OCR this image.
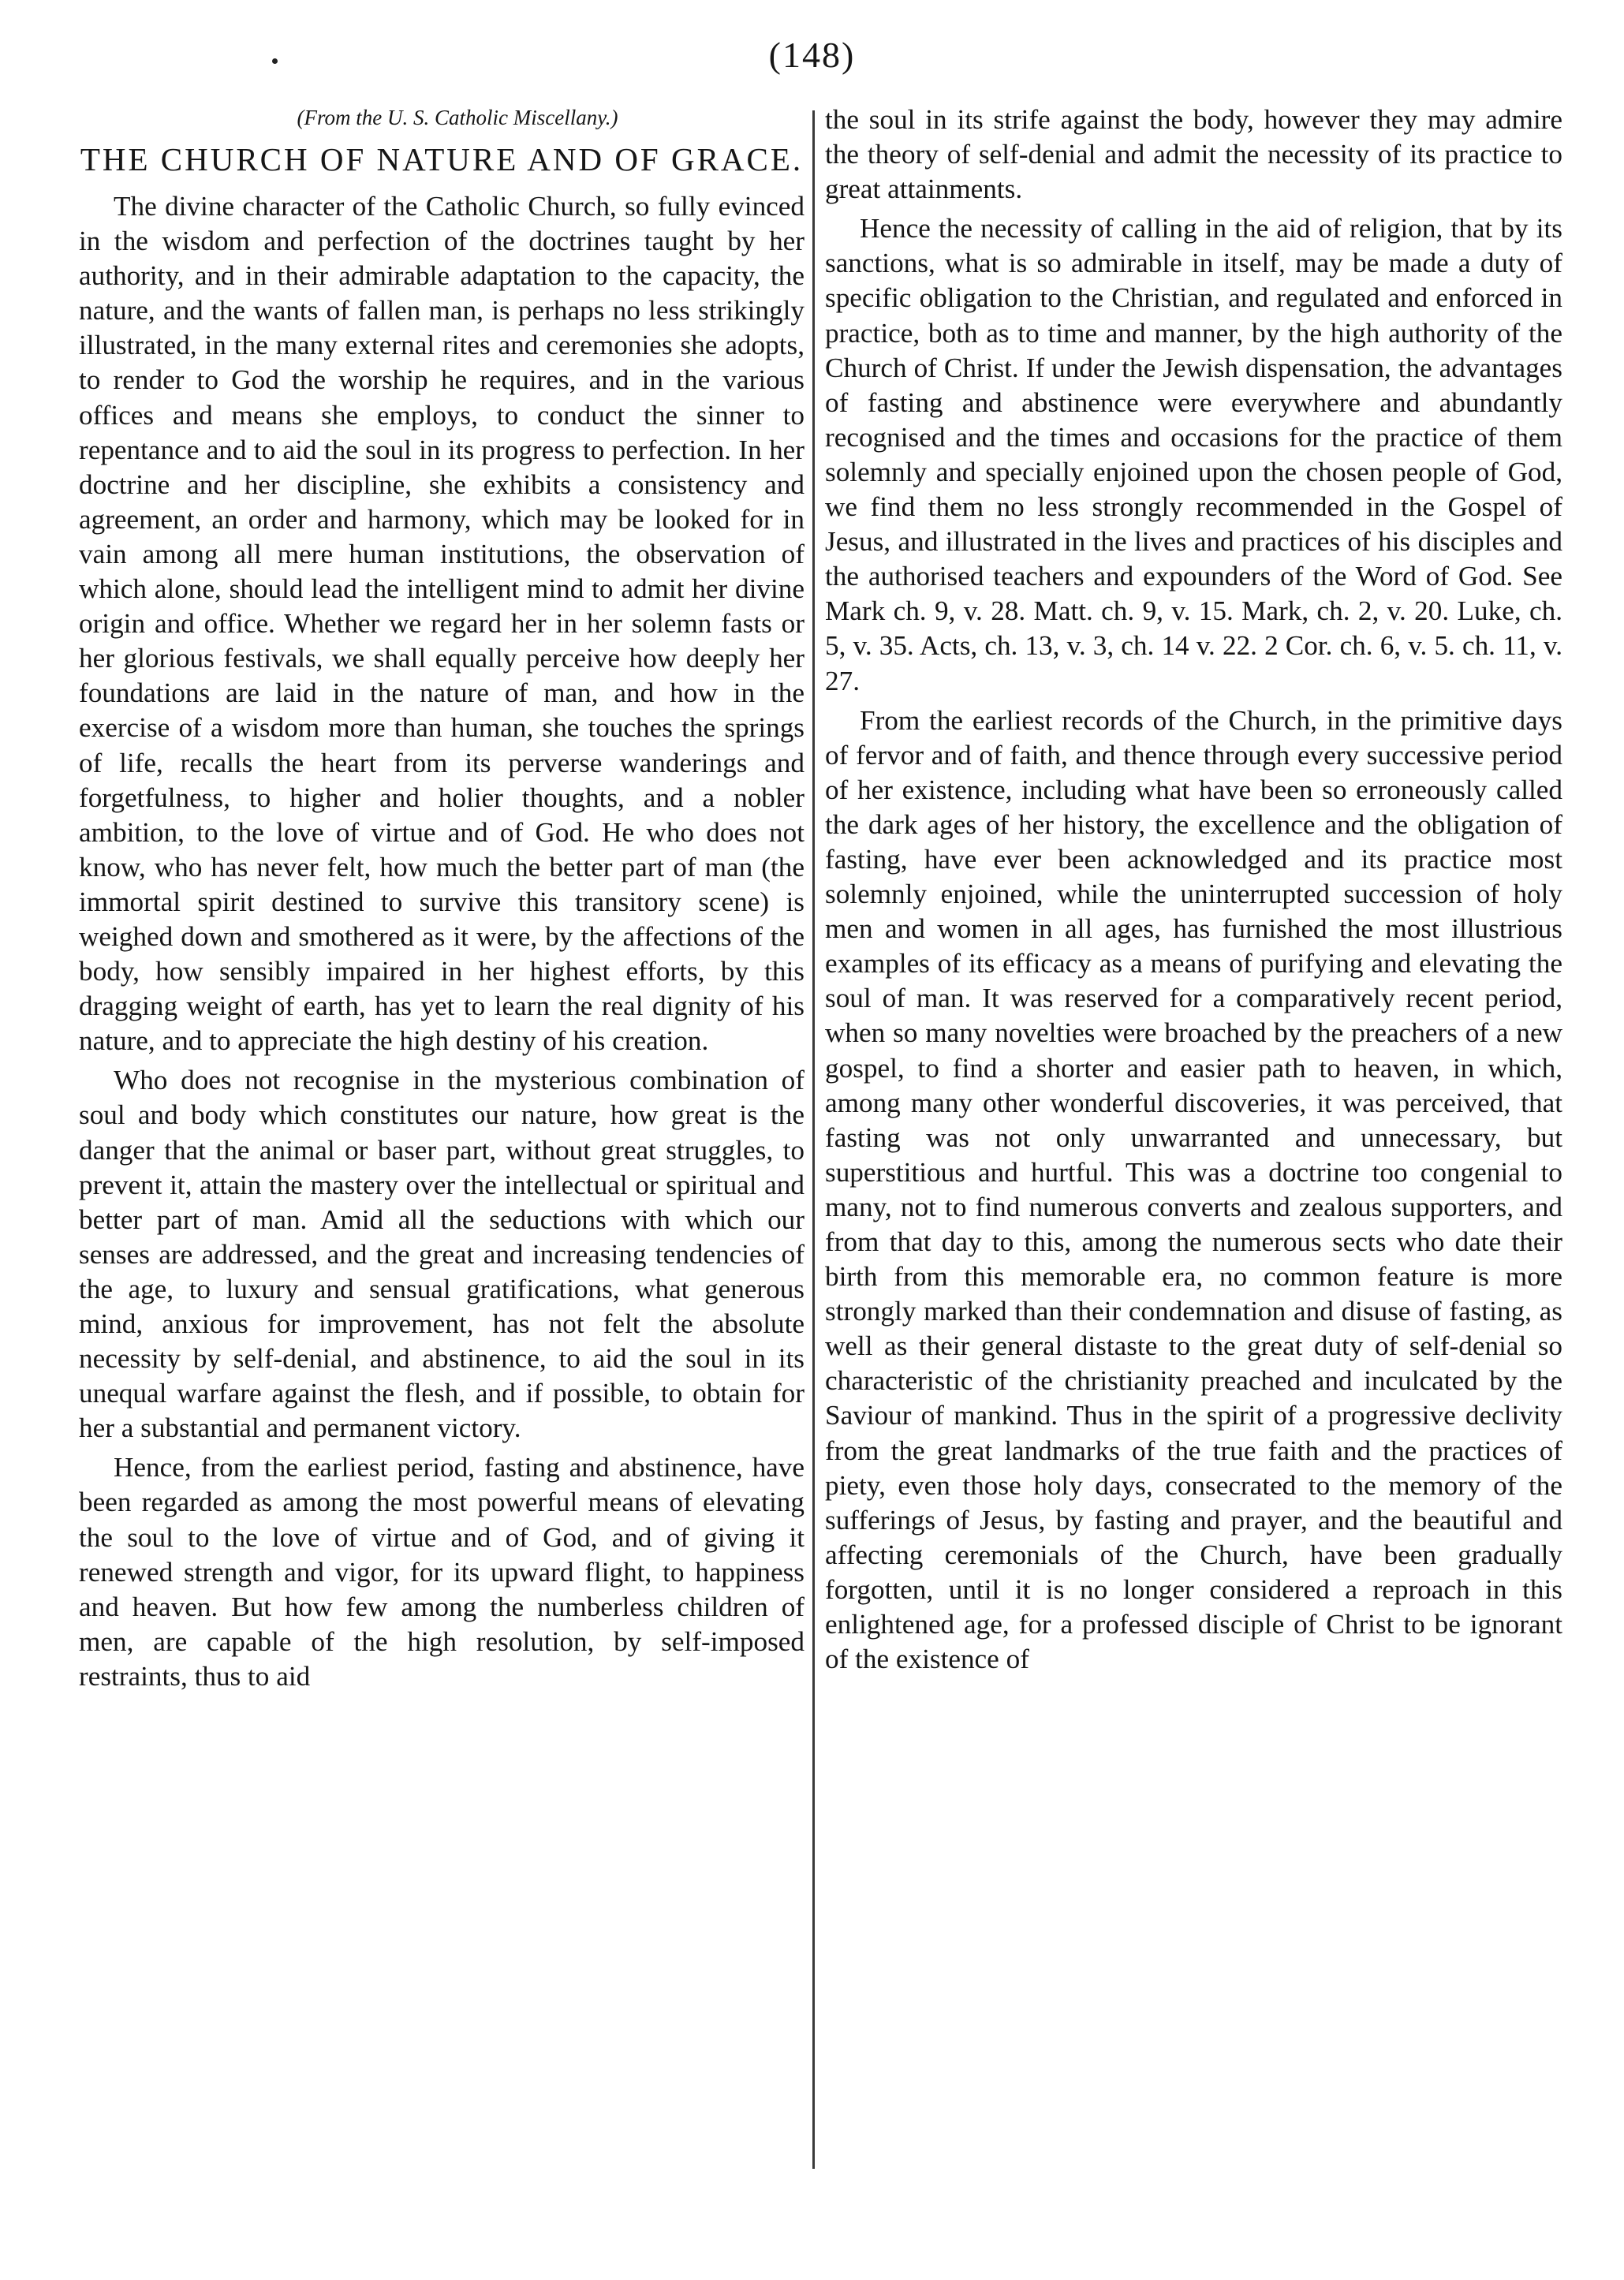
(148)

(From the U. S. Catholic Miscellany.)

THE CHURCH OF NATURE AND OF GRACE.

The divine character of the Catholic Church, so fully evinced in the wisdom and perfection of the doctrines taught by her authority, and in their admirable adaptation to the capacity, the nature, and the wants of fallen man, is perhaps no less strikingly illustrated, in the many external rites and ceremonies she adopts, to render to God the worship he requires, and in the various offices and means she employs, to conduct the sinner to repentance and to aid the soul in its progress to perfection. In her doctrine and her discipline, she exhibits a consistency and agreement, an order and harmony, which may be looked for in vain among all mere human institutions, the observation of which alone, should lead the intelligent mind to admit her divine origin and office. Whether we regard her in her solemn fasts or her glorious festivals, we shall equally perceive how deeply her foundations are laid in the nature of man, and how in the exercise of a wisdom more than human, she touches the springs of life, recalls the heart from its perverse wanderings and forgetfulness, to higher and holier thoughts, and a nobler ambition, to the love of virtue and of God. He who does not know, who has never felt, how much the better part of man (the immortal spirit destined to survive this transitory scene) is weighed down and smothered as it were, by the affections of the body, how sensibly impaired in her highest efforts, by this dragging weight of earth, has yet to learn the real dignity of his nature, and to appreciate the high destiny of his creation.

Who does not recognise in the mysterious combination of soul and body which constitutes our nature, how great is the danger that the animal or baser part, without great struggles, to prevent it, attain the mastery over the intellectual or spiritual and better part of man. Amid all the seductions with which our senses are addressed, and the great and increasing tendencies of the age, to luxury and sensual gratifications, what generous mind, anxious for improvement, has not felt the absolute necessity by self-denial, and abstinence, to aid the soul in its unequal warfare against the flesh, and if possible, to obtain for her a substantial and permanent victory.

Hence, from the earliest period, fasting and abstinence, have been regarded as among the most powerful means of elevating the soul to the love of virtue and of God, and of giving it renewed strength and vigor, for its upward flight, to happiness and heaven. But how few among the numberless children of men, are capable of the high resolution, by self-imposed restraints, thus to aid

the soul in its strife against the body, however they may admire the theory of self-denial and admit the necessity of its practice to great attainments.

Hence the necessity of calling in the aid of religion, that by its sanctions, what is so admirable in itself, may be made a duty of specific obligation to the Christian, and regulated and enforced in practice, both as to time and manner, by the high authority of the Church of Christ. If under the Jewish dispensation, the advantages of fasting and abstinence were everywhere and abundantly recognised and the times and occasions for the practice of them solemnly and specially enjoined upon the chosen people of God, we find them no less strongly recommended in the Gospel of Jesus, and illustrated in the lives and practices of his disciples and the authorised teachers and expounders of the Word of God. See Mark ch. 9, v. 28. Matt. ch. 9, v. 15. Mark, ch. 2, v. 20. Luke, ch. 5, v. 35. Acts, ch. 13, v. 3, ch. 14 v. 22. 2 Cor. ch. 6, v. 5. ch. 11, v. 27.

From the earliest records of the Church, in the primitive days of fervor and of faith, and thence through every successive period of her existence, including what have been so erroneously called the dark ages of her history, the excellence and the obligation of fasting, have ever been acknowledged and its practice most solemnly enjoined, while the uninterrupted succession of holy men and women in all ages, has furnished the most illustrious examples of its efficacy as a means of purifying and elevating the soul of man. It was reserved for a comparatively recent period, when so many novelties were broached by the preachers of a new gospel, to find a shorter and easier path to heaven, in which, among many other wonderful discoveries, it was perceived, that fasting was not only unwarranted and unnecessary, but superstitious and hurtful. This was a doctrine too congenial to many, not to find numerous converts and zealous supporters, and from that day to this, among the numerous sects who date their birth from this memorable era, no common feature is more strongly marked than their condemnation and disuse of fasting, as well as their general distaste to the great duty of self-denial so characteristic of the christianity preached and inculcated by the Saviour of mankind. Thus in the spirit of a progressive declivity from the great landmarks of the true faith and the practices of piety, even those holy days, consecrated to the memory of the sufferings of Jesus, by fasting and prayer, and the beautiful and affecting ceremonials of the Church, have been gradually forgotten, until it is no longer considered a reproach in this enlightened age, for a professed disciple of Christ to be ignorant of the existence of
